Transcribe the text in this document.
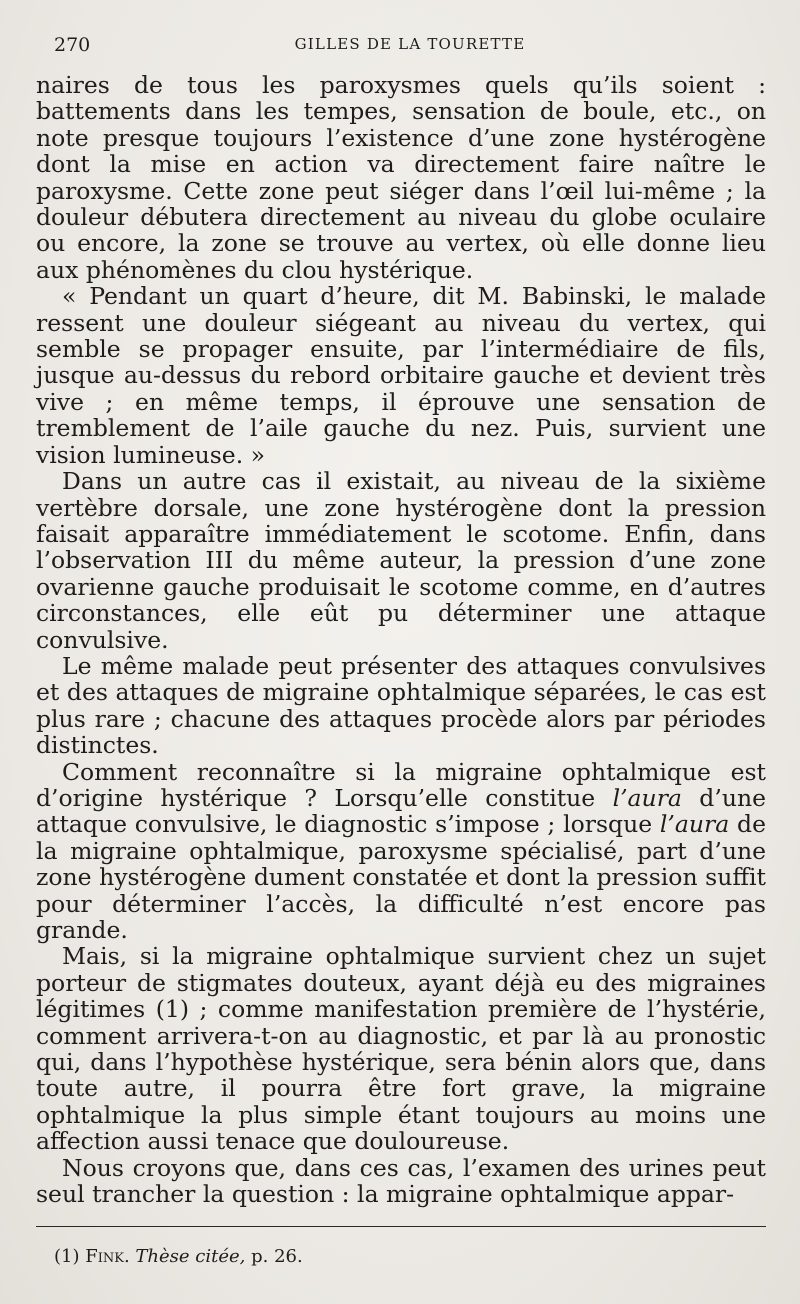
270	GILLES DE LA TOURETTE

naires de tous les paroxysmes quels qu’ils soient : battements dans les tempes, sensation de boule, etc., on note presque toujours l’existence d’une zone hystérogène dont la mise en action va directement faire naître le paroxysme. Cette zone peut siéger dans l’œil lui-même ; la douleur débutera directement au niveau du globe oculaire ou encore, la zone se trouve au vertex, où elle donne lieu aux phénomènes du clou hystérique.

« Pendant un quart d’heure, dit M. Babinski, le malade ressent une douleur siégeant au niveau du vertex, qui semble se propager ensuite, par l’intermédiaire de fils, jusque au-dessus du rebord orbitaire gauche et devient très vive ; en même temps, il éprouve une sensation de tremblement de l’aile gauche du nez. Puis, survient une vision lumineuse. »

Dans un autre cas il existait, au niveau de la sixième vertèbre dorsale, une zone hystérogène dont la pression faisait apparaître immédiatement le scotome. Enfin, dans l’observation III du même auteur, la pression d’une zone ovarienne gauche produisait le scotome comme, en d’autres circonstances, elle eût pu déterminer une attaque convulsive.

Le même malade peut présenter des attaques convulsives et des attaques de migraine ophtalmique séparées, le cas est plus rare ; chacune des attaques procède alors par périodes distinctes.

Comment reconnaître si la migraine ophtalmique est d’origine hystérique ? Lorsqu’elle constitue l’aura d’une attaque convulsive, le diagnostic s’impose ; lorsque l’aura de la migraine ophtalmique, paroxysme spécialisé, part d’une zone hystérogène dument constatée et dont la pression suffit pour déterminer l’accès, la difficulté n’est encore pas grande.

Mais, si la migraine ophtalmique survient chez un sujet porteur de stigmates douteux, ayant déjà eu des migraines légitimes (1) ; comme manifestation première de l’hystérie, comment arrivera-t-on au diagnostic, et par là au pronostic qui, dans l’hypothèse hystérique, sera bénin alors que, dans toute autre, il pourra être fort grave, la migraine ophtalmique la plus simple étant toujours au moins une affection aussi tenace que douloureuse.

Nous croyons que, dans ces cas, l’examen des urines peut seul trancher la question : la migraine ophtalmique appar-

(1) Fink. Thèse citée, p. 26.
